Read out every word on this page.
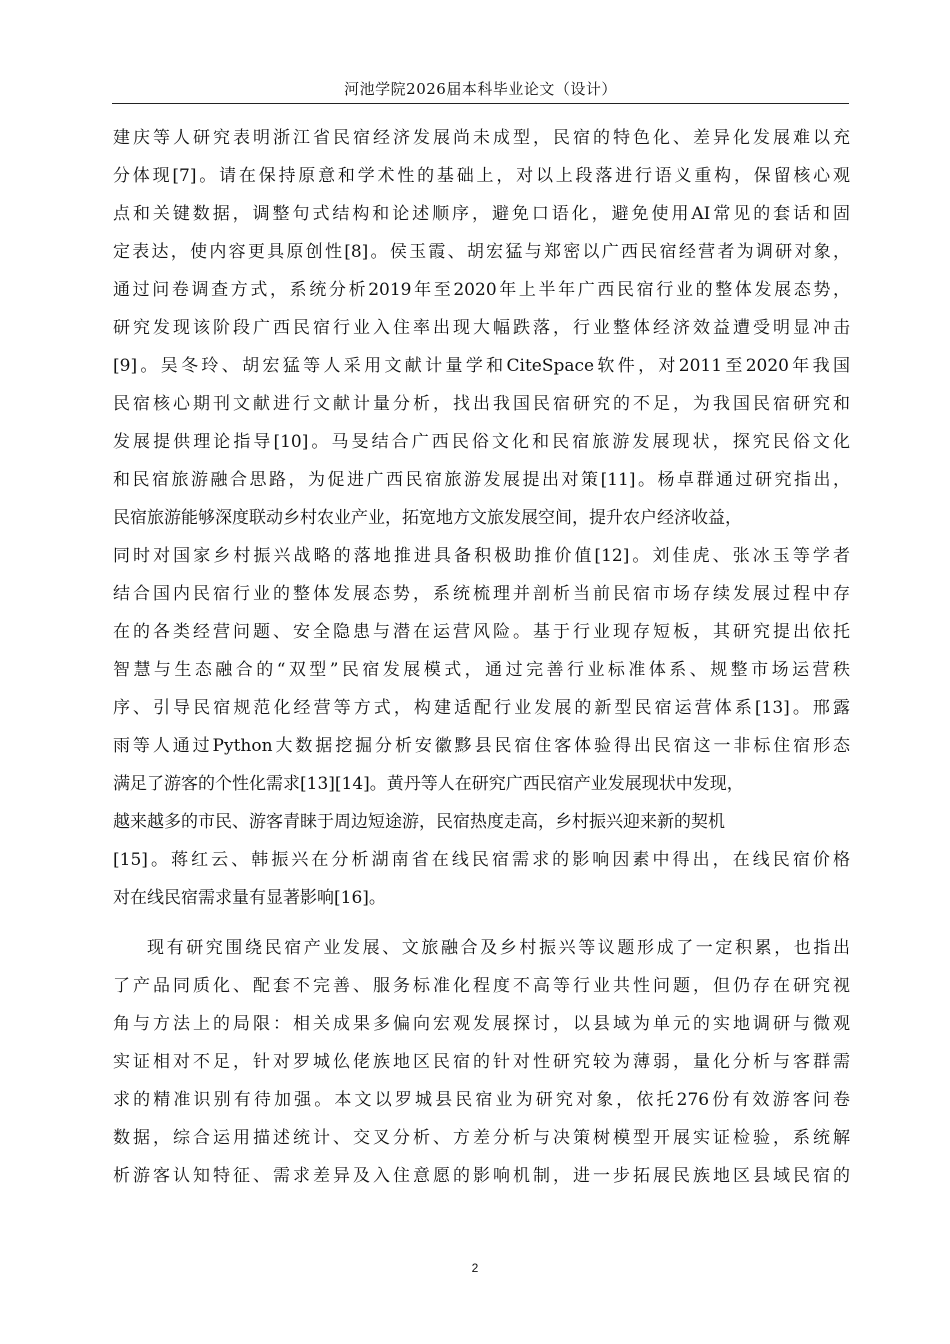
河池学院2026届本科毕业论文（设计）
建庆等人研究表明浙江省民宿经济发展尚未成型，民宿的特色化、差异化发展难以充
分体现[7]。请在保持原意和学术性的基础上，对以上段落进行语义重构，保留核心观
点和关键数据，调整句式结构和论述顺序，避免口语化，避免使用AI常见的套话和固
定表达，使内容更具原创性[8]。侯玉霞、胡宏猛与郑密以广西民宿经营者为调研对象，
通过问卷调查方式，系统分析2019年至2020年上半年广西民宿行业的整体发展态势，
研究发现该阶段广西民宿行业入住率出现大幅跌落，行业整体经济效益遭受明显冲击
[9]。吴冬玲、胡宏猛等人采用文献计量学和CiteSpace软件，对2011至2020年我国
民宿核心期刊文献进行文献计量分析，找出我国民宿研究的不足，为我国民宿研究和
发展提供理论指导[10]。马旻结合广西民俗文化和民宿旅游发展现状，探究民俗文化
和民宿旅游融合思路，为促进广西民宿旅游发展提出对策[11]。杨卓群通过研究指出，
民宿旅游能够深度联动乡村农业产业，拓宽地方文旅发展空间，提升农户经济收益，
同时对国家乡村振兴战略的落地推进具备积极助推价值[12]。刘佳虎、张冰玉等学者
结合国内民宿行业的整体发展态势，系统梳理并剖析当前民宿市场存续发展过程中存
在的各类经营问题、安全隐患与潜在运营风险。基于行业现存短板，其研究提出依托
智慧与生态融合的“双型”民宿发展模式，通过完善行业标准体系、规整市场运营秩
序、引导民宿规范化经营等方式，构建适配行业发展的新型民宿运营体系[13]。邢露
雨等人通过Python大数据挖掘分析安徽黟县民宿住客体验得出民宿这一非标住宿形态
满足了游客的个性化需求[13][14]。黄丹等人在研究广西民宿产业发展现状中发现，
越来越多的市民、游客青睐于周边短途游，民宿热度走高，乡村振兴迎来新的契机
[15]。蒋红云、韩振兴在分析湖南省在线民宿需求的影响因素中得出，在线民宿价格
对在线民宿需求量有显著影响[16]。
现有研究围绕民宿产业发展、文旅融合及乡村振兴等议题形成了一定积累，也指出
了产品同质化、配套不完善、服务标准化程度不高等行业共性问题，但仍存在研究视
角与方法上的局限：相关成果多偏向宏观发展探讨，以县域为单元的实地调研与微观
实证相对不足，针对罗城仫佬族地区民宿的针对性研究较为薄弱，量化分析与客群需
求的精准识别有待加强。本文以罗城县民宿业为研究对象，依托276份有效游客问卷
数据，综合运用描述统计、交叉分析、方差分析与决策树模型开展实证检验，系统解
析游客认知特征、需求差异及入住意愿的影响机制，进一步拓展民族地区县域民宿的
2
